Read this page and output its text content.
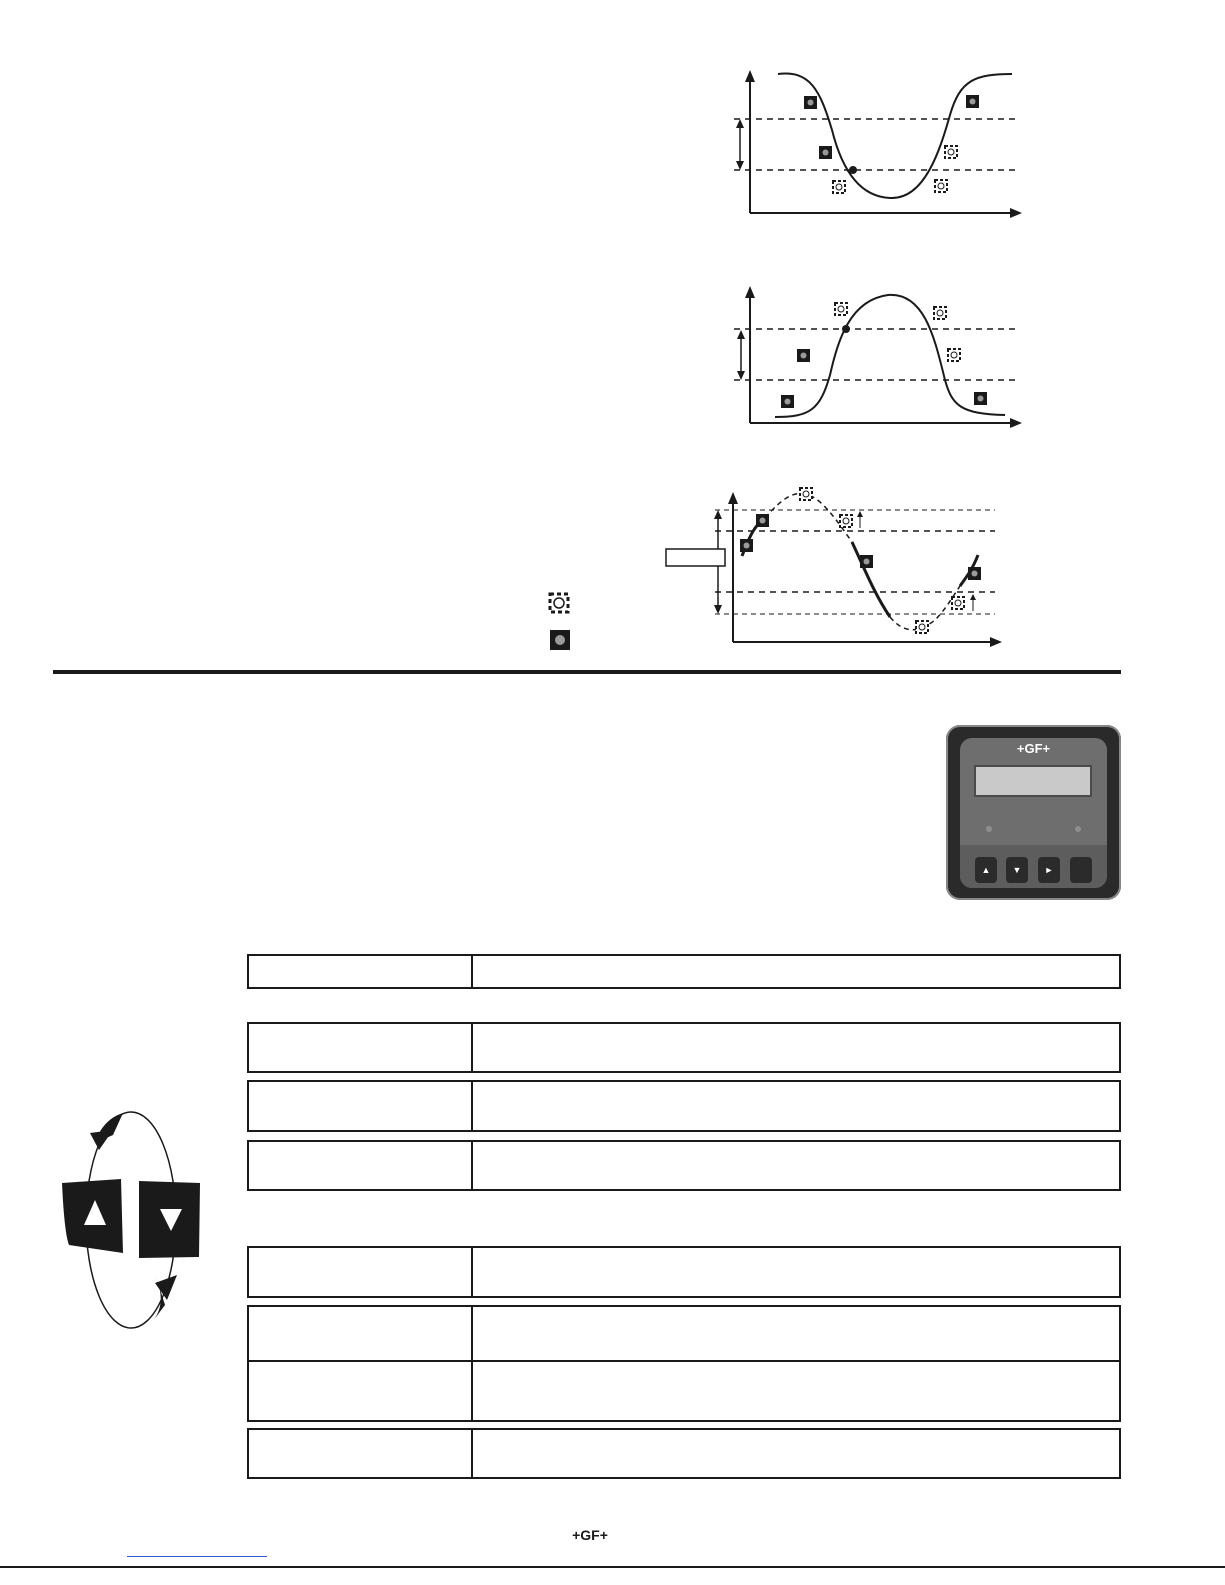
+GF+
▲	▼	►
+GF+
